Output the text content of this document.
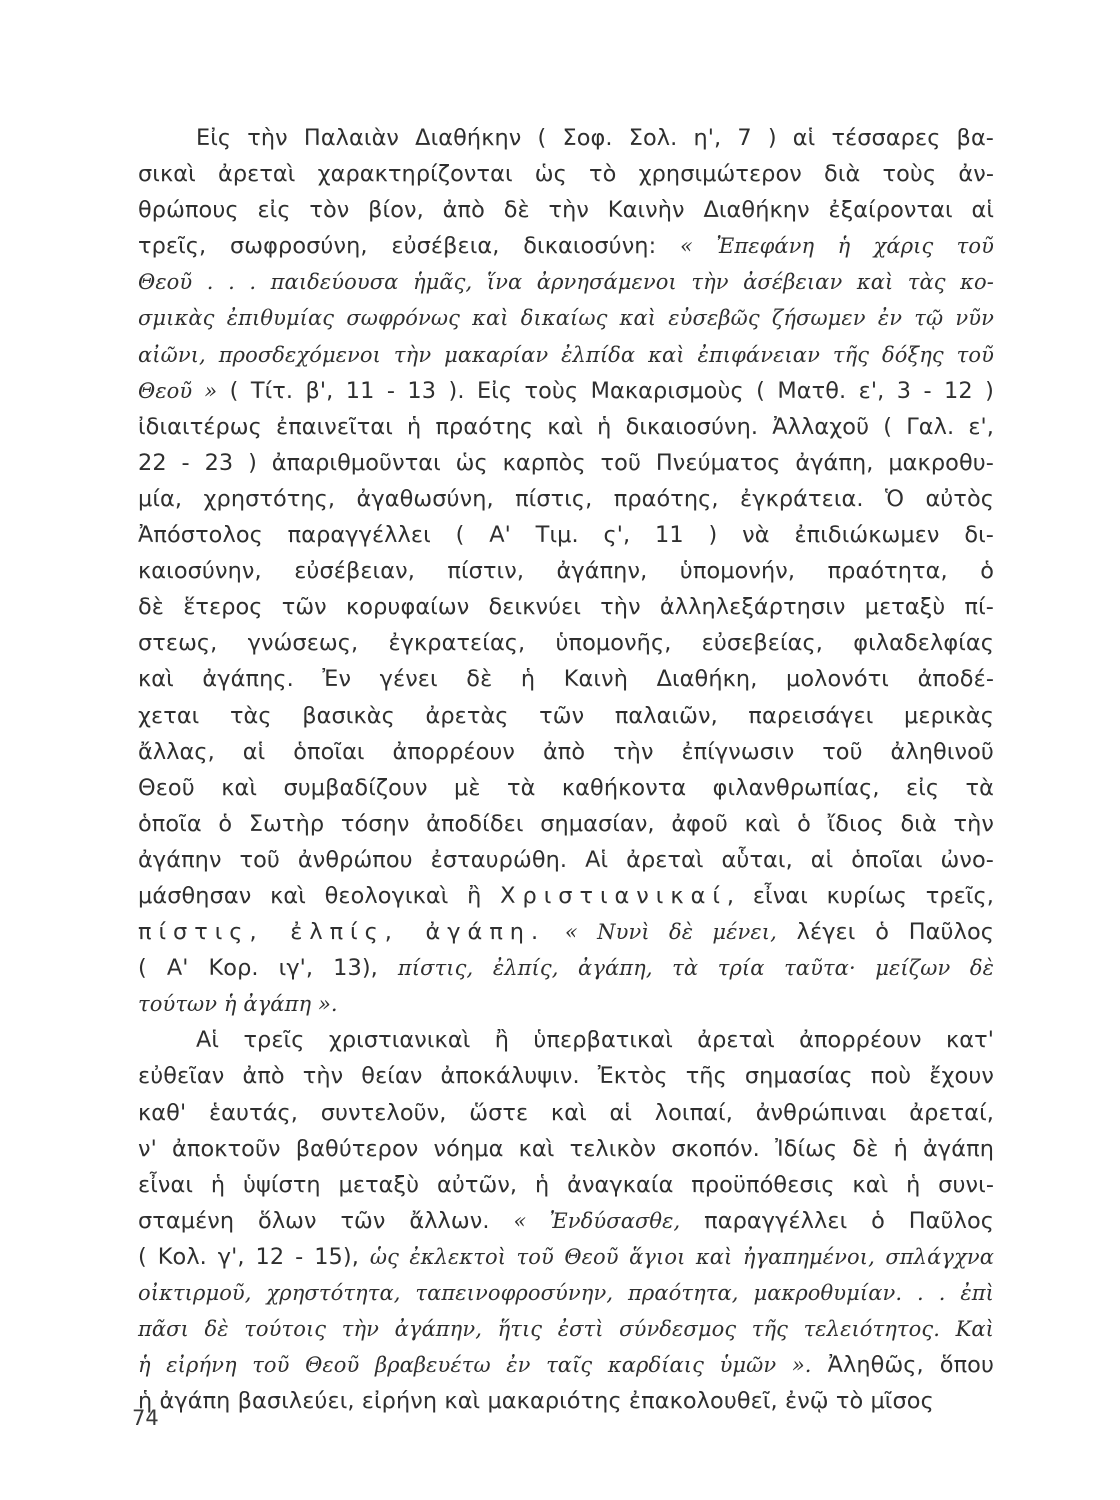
Εἰς τὴν Παλαιὰν Διαθήκην ( Σοφ. Σολ. η', 7 ) αἱ τέσσαρες βα-
σικαὶ ἀρεταὶ χαρακτηρίζονται ὡς τὸ χρησιμώτερον διὰ τοὺς ἀν-
θρώπους εἰς τὸν βίον, ἀπὸ δὲ τὴν Καινὴν Διαθήκην ἐξαίρονται αἱ
τρεῖς, σωφροσύνη, εὐσέβεια, δικαιοσύνη: « Ἐπεφάνη ἡ χάρις τοῦ
Θεοῦ . . . παιδεύουσα ἡμᾶς, ἵνα ἀρνησάμενοι τὴν ἀσέβειαν καὶ τὰς κο-
σμικὰς ἐπιθυμίας σωφρόνως καὶ δικαίως καὶ εὐσεβῶς ζήσωμεν ἐν τῷ νῦν
αἰῶνι, προσδεχόμενοι τὴν μακαρίαν ἐλπίδα καὶ ἐπιφάνειαν τῆς δόξης τοῦ
Θεοῦ » ( Τίτ. β', 11 - 13 ). Εἰς τοὺς Μακαρισμοὺς ( Ματθ. ε', 3 - 12 )
ἰδιαιτέρως ἐπαινεῖται ἡ πραότης καὶ ἡ δικαιοσύνη. Ἀλλαχοῦ ( Γαλ. ε',
22 - 23 ) ἀπαριθμοῦνται ὡς καρπὸς τοῦ Πνεύματος ἀγάπη, μακροθυ-
μία, χρηστότης, ἀγαθωσύνη, πίστις, πραότης, ἐγκράτεια. Ὁ αὐτὸς
Ἀπόστολος παραγγέλλει ( Α' Τιμ. ς', 11 ) νὰ ἐπιδιώκωμεν δι-
καιοσύνην, εὐσέβειαν, πίστιν, ἀγάπην, ὑπομονήν, πραότητα, ὁ
δὲ ἕτερος τῶν κορυφαίων δεικνύει τὴν ἀλληλεξάρτησιν μεταξὺ πί-
στεως, γνώσεως, ἐγκρατείας, ὑπομονῆς, εὐσεβείας, φιλαδελφίας
καὶ ἀγάπης. Ἐν γένει δὲ ἡ Καινὴ Διαθήκη, μολονότι ἀποδέ-
χεται τὰς βασικὰς ἀρετὰς τῶν παλαιῶν, παρεισάγει μερικὰς
ἄλλας, αἱ ὁποῖαι ἀπορρέουν ἀπὸ τὴν ἐπίγνωσιν τοῦ ἀληθινοῦ
Θεοῦ καὶ συμβαδίζουν μὲ τὰ καθήκοντα φιλανθρωπίας, εἰς τὰ
ὁποῖα ὁ Σωτὴρ τόσην ἀποδίδει σημασίαν, ἀφοῦ καὶ ὁ ἴδιος διὰ τὴν
ἀγάπην τοῦ ἀνθρώπου ἐσταυρώθη. Αἱ ἀρεταὶ αὗται, αἱ ὁποῖαι ὠνο-
μάσθησαν καὶ θεολογικαὶ ἢ Χριστιανικαί, εἶναι κυρίως τρεῖς,
πίστις, ἐλπίς, ἀγάπη. « Νυνὶ δὲ μένει, λέγει ὁ Παῦλος
( Α' Κορ. ιγ', 13), πίστις, ἐλπίς, ἀγάπη, τὰ τρία ταῦτα· μείζων δὲ
τούτων ἡ ἀγάπη ».
Αἱ τρεῖς χριστιανικαὶ ἢ ὑπερβατικαὶ ἀρεταὶ ἀπορρέουν κατ'
εὐθεῖαν ἀπὸ τὴν θείαν ἀποκάλυψιν. Ἐκτὸς τῆς σημασίας ποὺ ἔχουν
καθ' ἑαυτάς, συντελοῦν, ὥστε καὶ αἱ λοιπαί, ἀνθρώπιναι ἀρεταί,
ν' ἀποκτοῦν βαθύτερον νόημα καὶ τελικὸν σκοπόν. Ἰδίως δὲ ἡ ἀγάπη
εἶναι ἡ ὑψίστη μεταξὺ αὐτῶν, ἡ ἀναγκαία προϋπόθεσις καὶ ἡ συνι-
σταμένη ὅλων τῶν ἄλλων. « Ἐνδύσασθε, παραγγέλλει ὁ Παῦλος
( Κολ. γ', 12 - 15), ὡς ἐκλεκτοὶ τοῦ Θεοῦ ἅγιοι καὶ ἠγαπημένοι, σπλάγχνα
οἰκτιρμοῦ, χρηστότητα, ταπεινοφροσύνην, πραότητα, μακροθυμίαν. . . ἐπὶ
πᾶσι δὲ τούτοις τὴν ἀγάπην, ἥτις ἐστὶ σύνδεσμος τῆς τελειότητος. Καὶ
ἡ εἰρήνη τοῦ Θεοῦ βραβευέτω ἐν ταῖς καρδίαις ὑμῶν ». Ἀληθῶς, ὅπου
ἡ ἀγάπη βασιλεύει, εἰρήνη καὶ μακαριότης ἐπακολουθεῖ, ἐνῷ τὸ μῖσος
74
